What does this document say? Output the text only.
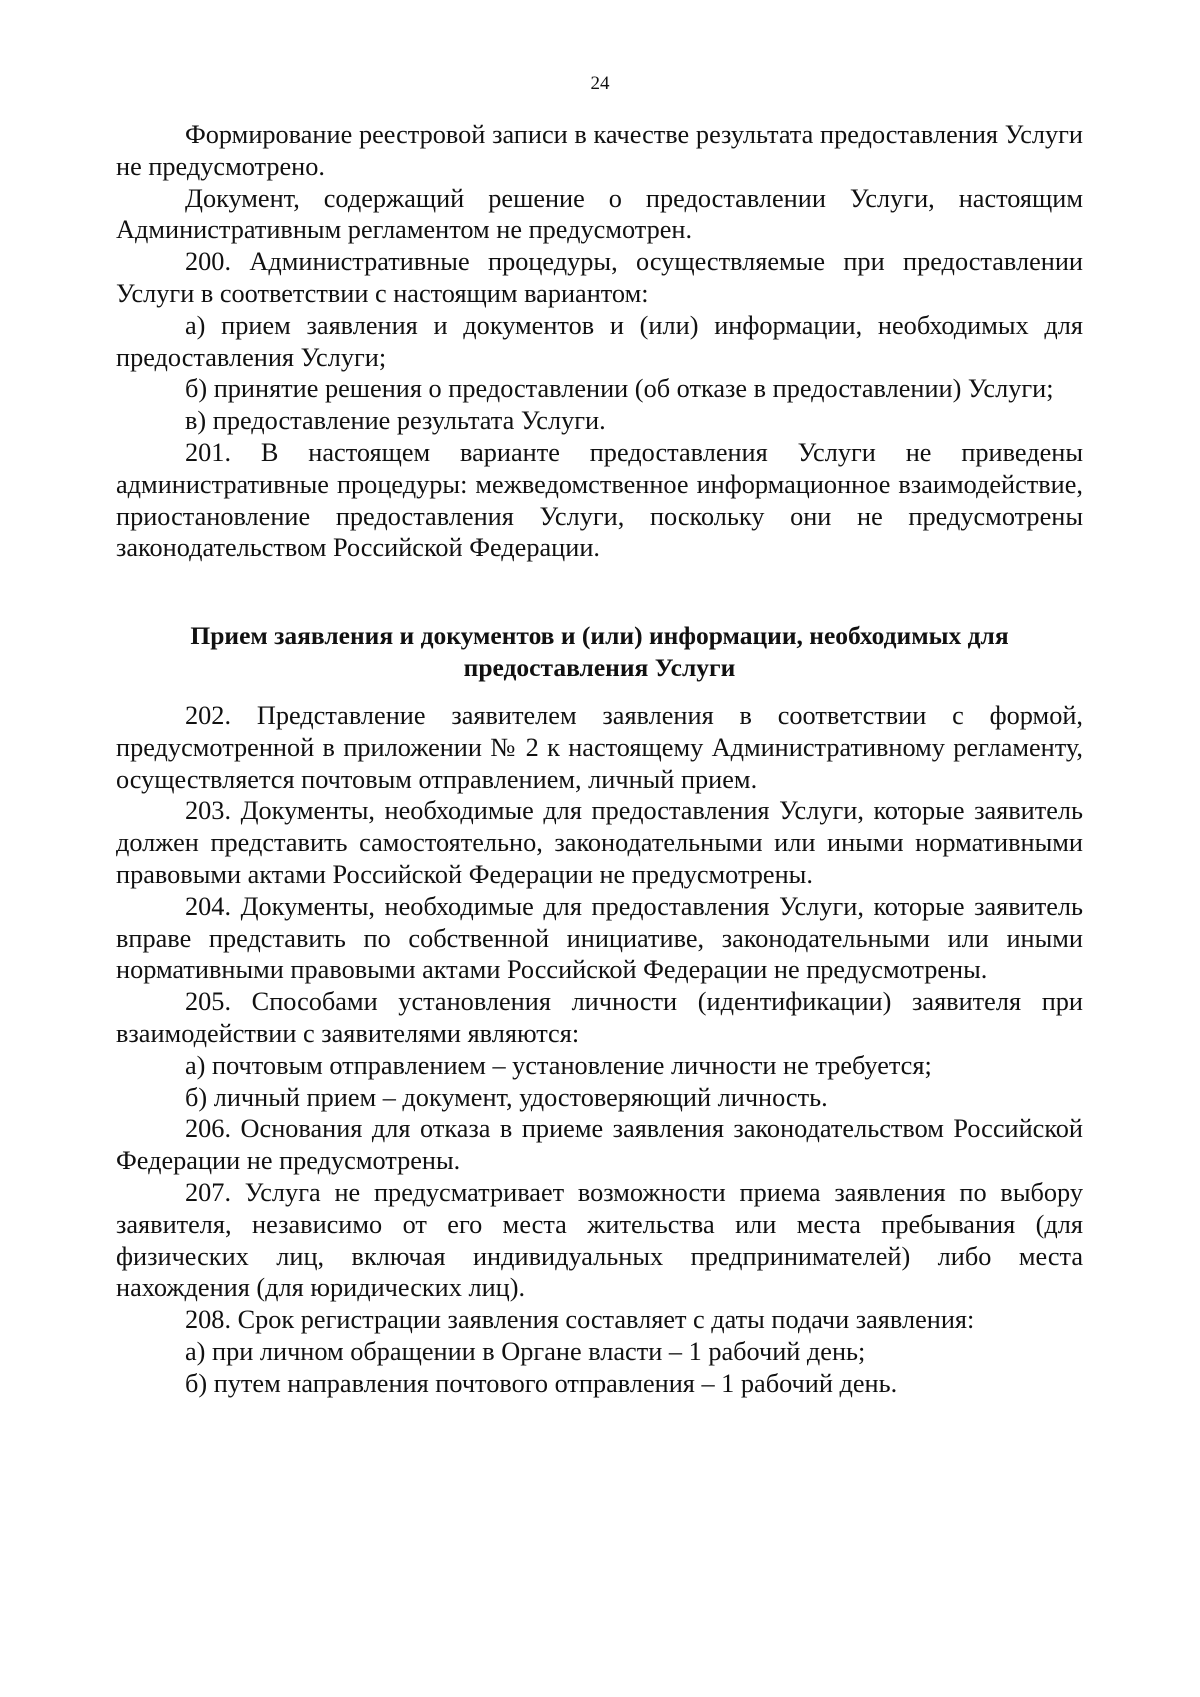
24

Формирование реестровой записи в качестве результата предоставления Услуги не предусмотрено.

Документ, содержащий решение о предоставлении Услуги, настоящим Административным регламентом не предусмотрен.

200. Административные процедуры, осуществляемые при предоставлении Услуги в соответствии с настоящим вариантом:

а) прием заявления и документов и (или) информации, необходимых для предоставления Услуги;

б) принятие решения о предоставлении (об отказе в предоставлении) Услуги;

в) предоставление результата Услуги.

201. В настоящем варианте предоставления Услуги не приведены административные процедуры: межведомственное информационное взаимодействие, приостановление предоставления Услуги, поскольку они не предусмотрены законодательством Российской Федерации.

Прием заявления и документов и (или) информации, необходимых для
предоставления Услуги

202. Представление заявителем заявления в соответствии с формой, предусмотренной в приложении № 2 к настоящему Административному регламенту, осуществляется почтовым отправлением, личный прием.

203. Документы, необходимые для предоставления Услуги, которые заявитель должен представить самостоятельно, законодательными или иными нормативными правовыми актами Российской Федерации не предусмотрены.

204. Документы, необходимые для предоставления Услуги, которые заявитель вправе представить по собственной инициативе, законодательными или иными нормативными правовыми актами Российской Федерации не предусмотрены.

205. Способами установления личности (идентификации) заявителя при взаимодействии с заявителями являются:

а) почтовым отправлением – установление личности не требуется;

б) личный прием – документ, удостоверяющий личность.

206. Основания для отказа в приеме заявления законодательством Российской Федерации не предусмотрены.

207. Услуга не предусматривает возможности приема заявления по выбору заявителя, независимо от его места жительства или места пребывания (для физических лиц, включая индивидуальных предпринимателей) либо места нахождения (для юридических лиц).

208. Срок регистрации заявления составляет с даты подачи заявления:

а) при личном обращении в Органе власти – 1 рабочий день;

б) путем направления почтового отправления – 1 рабочий день.
